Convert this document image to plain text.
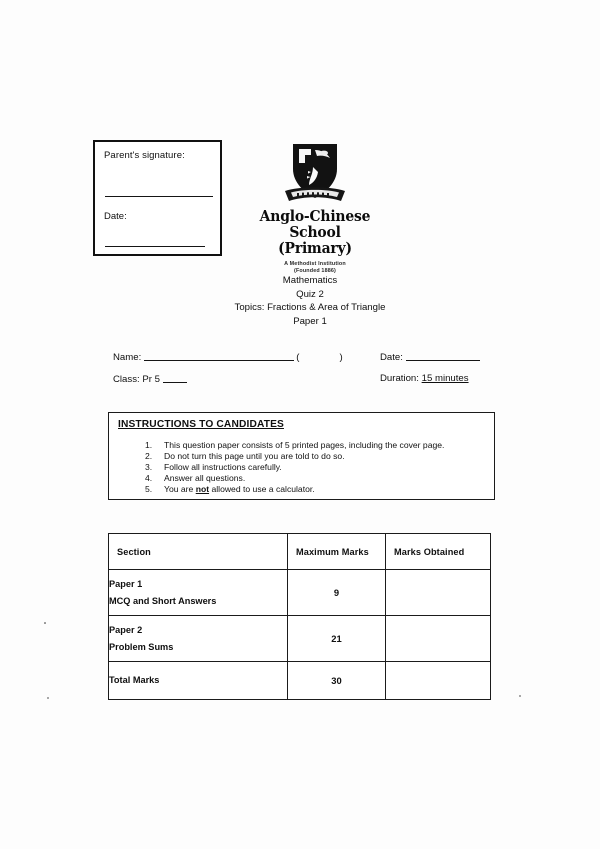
Parent's signature:
Date:	Anglo-Chinese School
(Primary)
A Methodist Institution
(Founded 1886)
Mathematics
Quiz 2
Topics: Fractions & Area of Triangle
Paper 1
Name:	(	)	Date:
Class: Pr 5	Duration: 15 minutes
INSTRUCTIONS TO CANDIDATES
1. This question paper consists of 5 printed pages, including the cover page.
2. Do not turn this page until you are told to do so.
3. Follow all instructions carefully.
4. Answer all questions.
5. You are not allowed to use a calculator.
Section	Maximum Marks	Marks Obtained

Paper 1
MCQ and Short Answers	9	

Paper 2
Problem Sums	21	
Total Marks	30	
